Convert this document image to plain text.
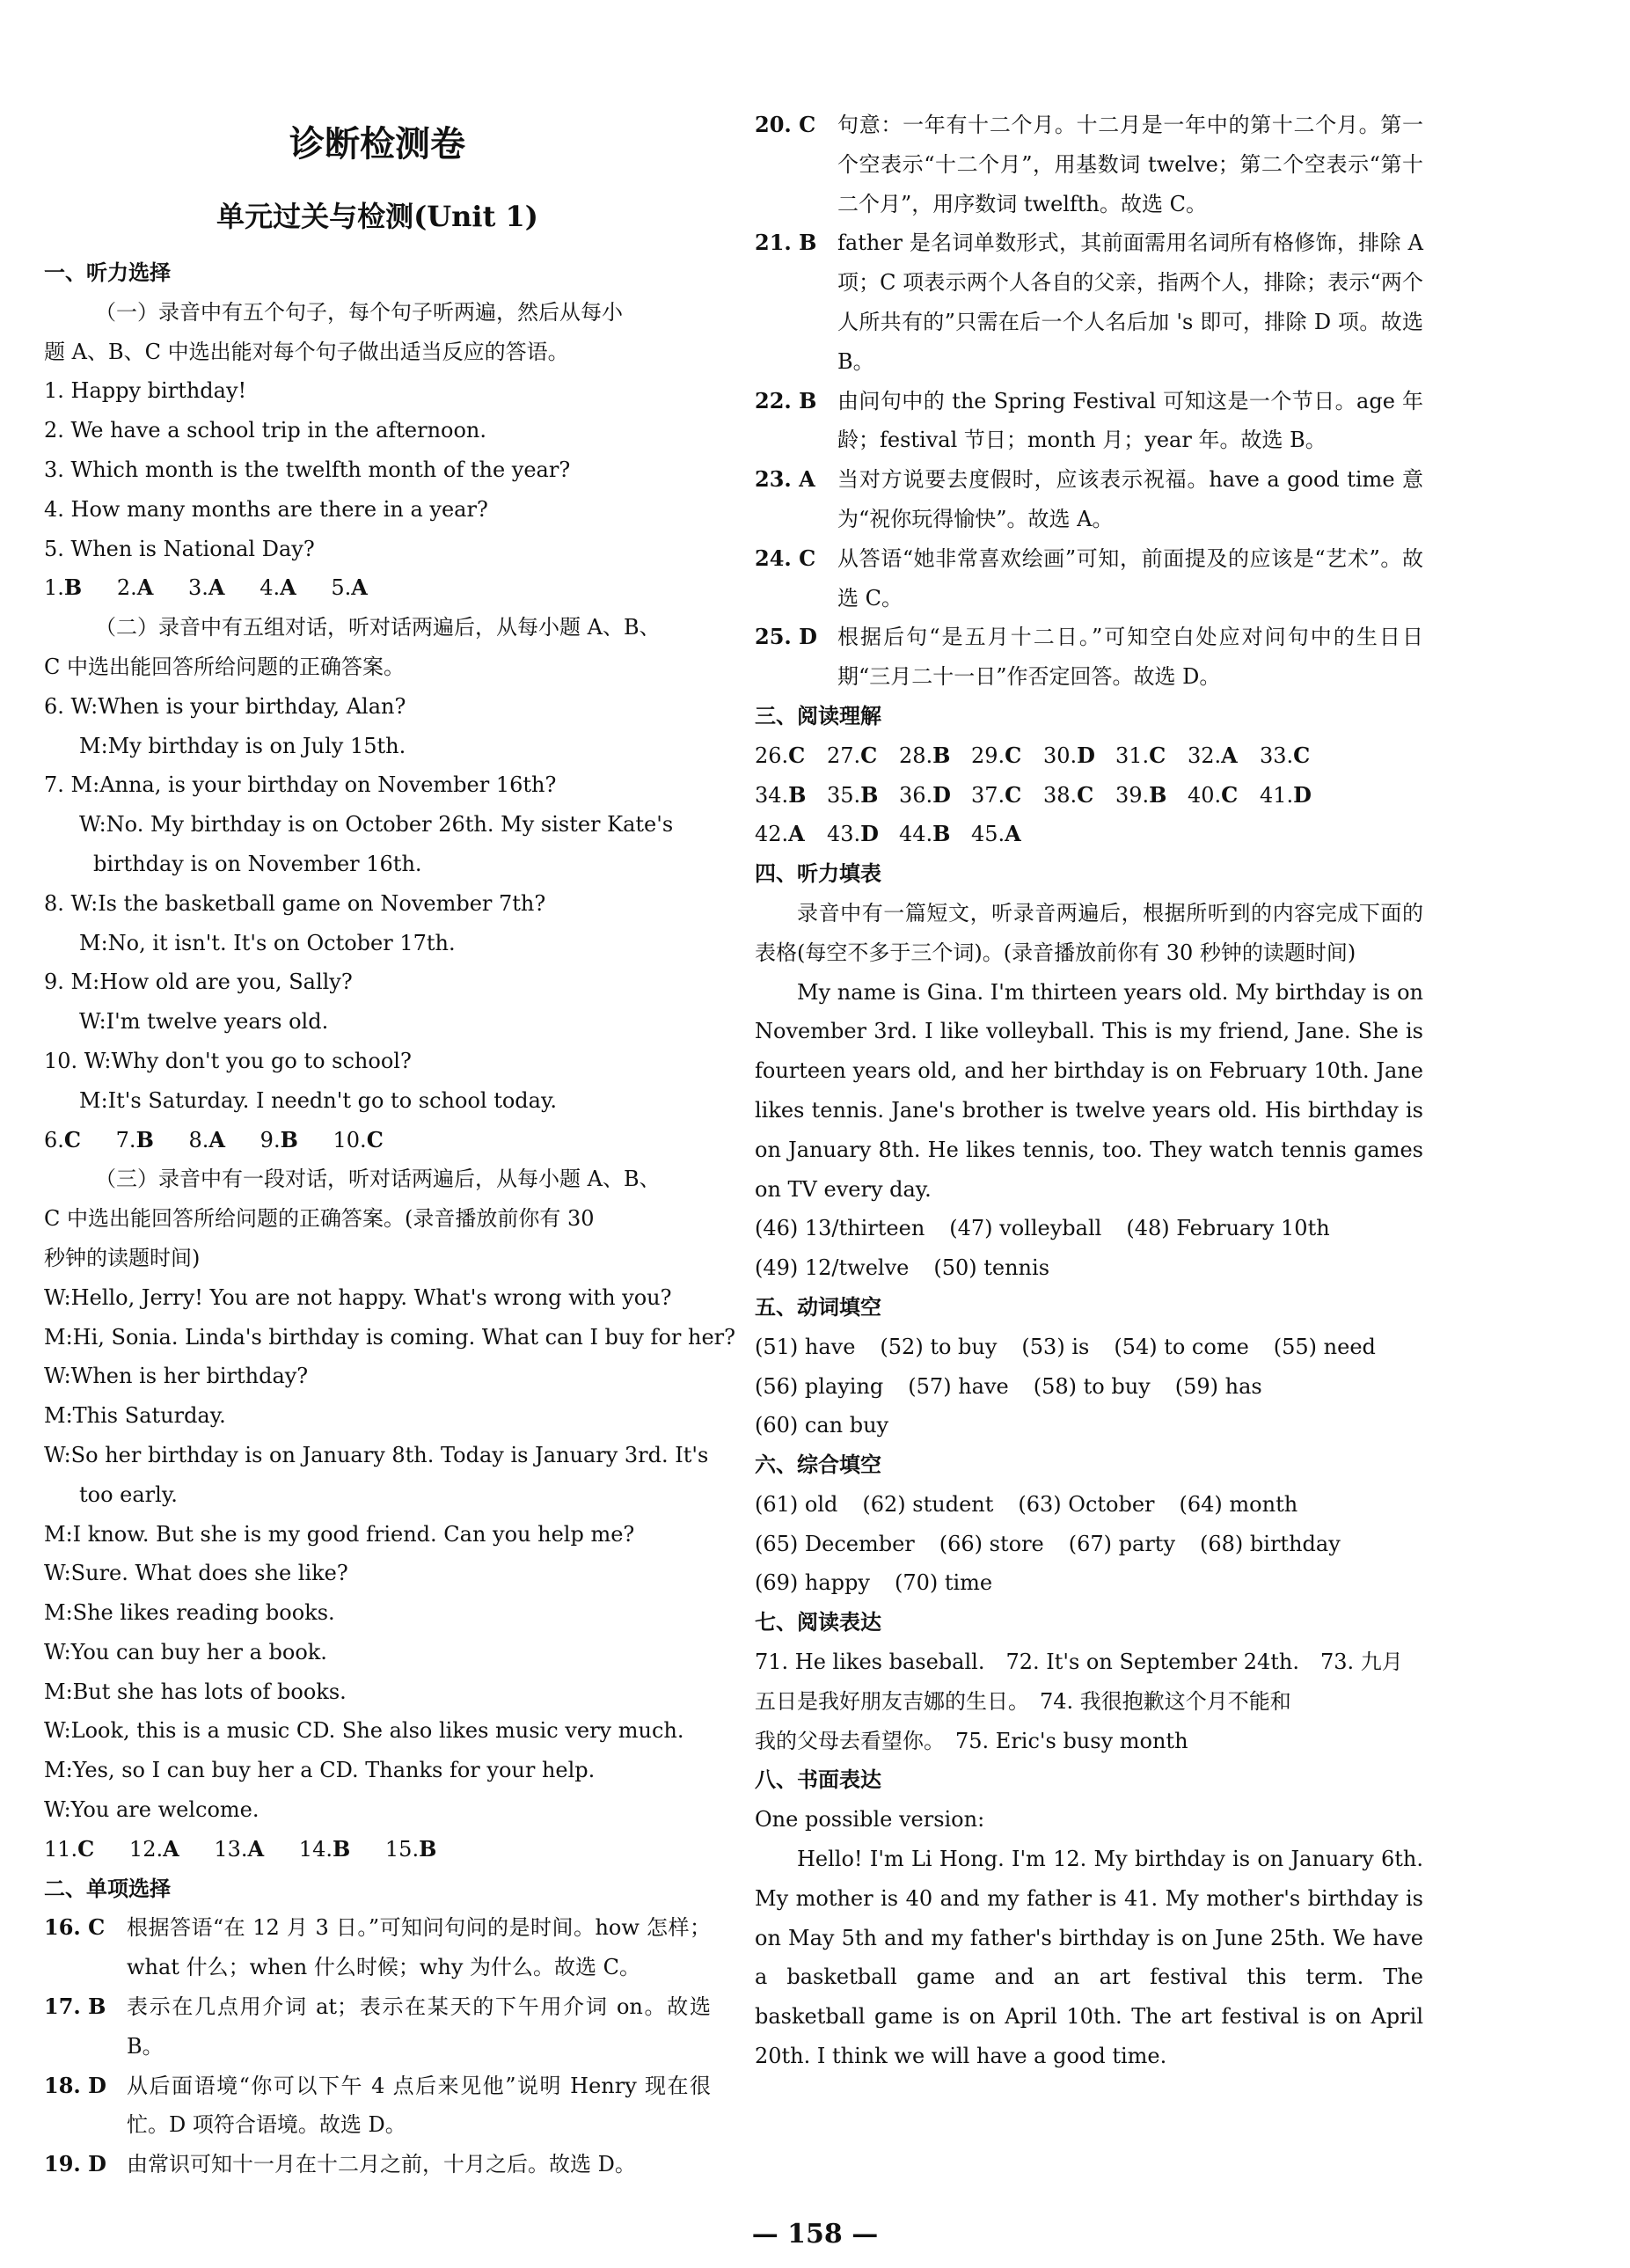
诊断检测卷
单元过关与检测(Unit 1)
一、听力选择
（一）录音中有五个句子，每个句子听两遍，然后从每小
题 A、B、C 中选出能对每个句子做出适当反应的答语。
1. Happy birthday!
2. We have a school trip in the afternoon.
3. Which month is the twelfth month of the year?
4. How many months are there in a year?
5. When is National Day?
1.B 2.A 3.A 4.A 5.A
（二）录音中有五组对话，听对话两遍后，从每小题 A、B、
C 中选出能回答所给问题的正确答案。
6. W:When is your birthday, Alan?
M:My birthday is on July 15th.
7. M:Anna, is your birthday on November 16th?
W:No. My birthday is on October 26th. My sister Kate's
birthday is on November 16th.
8. W:Is the basketball game on November 7th?
M:No, it isn't. It's on October 17th.
9. M:How old are you, Sally?
W:I'm twelve years old.
10. W:Why don't you go to school?
M:It's Saturday. I needn't go to school today.
6.C 7.B 8.A 9.B 10.C
（三）录音中有一段对话，听对话两遍后，从每小题 A、B、
C 中选出能回答所给问题的正确答案。(录音播放前你有 30
秒钟的读题时间)
W:Hello, Jerry! You are not happy. What's wrong with you?
M:Hi, Sonia. Linda's birthday is coming. What can I buy for her?
W:When is her birthday?
M:This Saturday.
W:So her birthday is on January 8th. Today is January 3rd. It's
too early.
M:I know. But she is my good friend. Can you help me?
W:Sure. What does she like?
M:She likes reading books.
W:You can buy her a book.
M:But she has lots of books.
W:Look, this is a music CD. She also likes music very much.
M:Yes, so I can buy her a CD. Thanks for your help.
W:You are welcome.
11.C 12.A 13.A 14.B 15.B
二、单项选择
16. C	根据答语“在 12 月 3 日。”可知问句问的是时间。how 怎样；what 什么；when 什么时候；why 为什么。故选 C。
17. B 表示在几点用介词 at；表示在某天的下午用介词 on。故选 B。
18. D 从后面语境“你可以下午 4 点后来见他”说明 Henry 现在很忙。D 项符合语境。故选 D。
19. D 由常识可知十一月在十二月之前，十月之后。故选 D。
20. C	句意：一年有十二个月。十二月是一年中的第十二个月。第一个空表示“十二个月”，用基数词 twelve；第二个空表示“第十二个月”，用序数词 twelfth。故选 C。
21. B father 是名词单数形式，其前面需用名词所有格修饰，排除 A 项；C 项表示两个人各自的父亲，指两个人，排除；表示“两个人所共有的”只需在后一个人名后加 's 即可，排除 D 项。故选 B。
22. B 由问句中的 the Spring Festival 可知这是一个节日。age 年龄；festival 节日；month 月；year 年。故选 B。
23. A	当对方说要去度假时，应该表示祝福。have a good time 意为“祝你玩得愉快”。故选 A。
24. C	从答语“她非常喜欢绘画”可知，前面提及的应该是“艺术”。故选 C。
25. D 根据后句“是五月十二日。”可知空白处应对问句中的生日日期“三月二十一日”作否定回答。故选 D。
三、阅读理解
26.C	27.C	28.B 29.C	30.D 31.C	32.A	33.C
34.B 35.B 36.D 37.C	38.C	39.B 40.C	41.D
42.A	43.D 44.B 45.A
四、听力填表
录音中有一篇短文，听录音两遍后，根据所听到的内容完成下面的表格(每空不多于三个词)。(录音播放前你有 30 秒钟的读题时间)
My name is Gina. I'm thirteen years old. My birthday is on November 3rd. I like volleyball. This is my friend, Jane. She is fourteen years old, and her birthday is on February 10th. Jane likes tennis. Jane's brother is twelve years old. His birthday is on January 8th. He likes tennis, too. They watch tennis games on TV every day.
(46) 13/thirteen (47) volleyball (48) February 10th
(49) 12/twelve (50) tennis
五、动词填空
(51) have (52) to buy (53) is (54) to come (55) need
(56) playing (57) have (58) to buy (59) has
(60) can buy
六、综合填空
(61) old (62) student (63) October (64) month
(65) December (66) store (67) party (68) birthday
(69) happy (70) time
七、阅读表达
71. He likes baseball.　72. It's on September 24th.　73. 九月
五日是我好朋友吉娜的生日。　74. 我很抱歉这个月不能和
我的父母去看望你。　75. Eric's busy month
八、书面表达
One possible version:
Hello! I'm Li Hong. I'm 12. My birthday is on January 6th. My mother is 40 and my father is 41. My mother's birthday is on May 5th and my father's birthday is on June 25th. We have a basketball game and an art festival this term. The basketball game is on April 10th. The art festival is on April 20th. I think we will have a good time.
— 158 —
